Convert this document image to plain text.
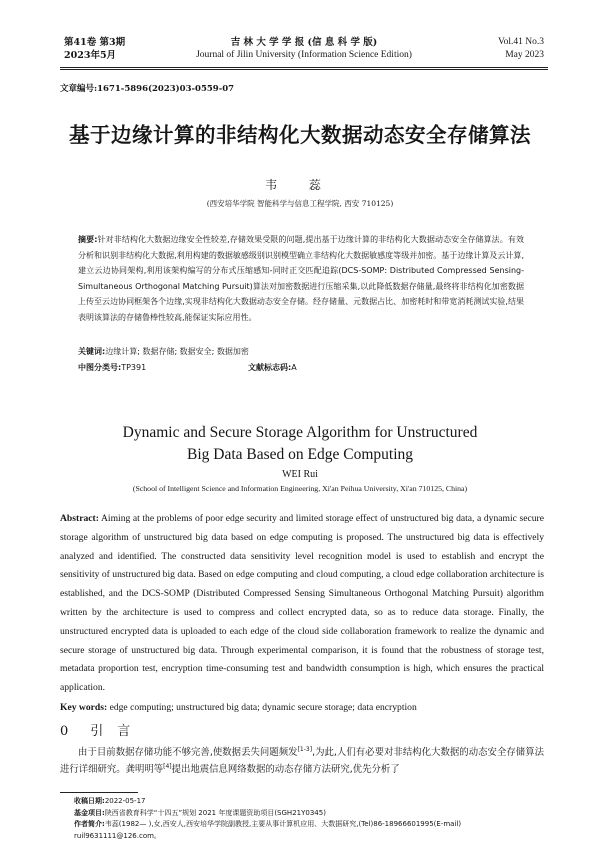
第41卷 第3期
2023年5月
吉 林 大 学 学 报 (信 息 科 学 版)
Journal of Jilin University (Information Science Edition)
Vol.41 No.3
May 2023
文章编号:1671-5896(2023)03-0559-07
基于边缘计算的非结构化大数据动态安全存储算法
韦 蕊
(西安培华学院 智能科学与信息工程学院, 西安 710125)
摘要:针对非结构化大数据边缘安全性较差,存储效果受限的问题,提出基于边缘计算的非结构化大数据动态安全存储算法。有效分析和识别非结构化大数据,利用构建的数据敏感级别识别模型确立非结构化大数据敏感度等级并加密。基于边缘计算及云计算,建立云边协同架构,利用该架构编写的分布式压缩感知-同时正交匹配追踪(DCS-SOMP: Distributed Compressed Sensing-Simultaneous Orthogonal Matching Pursuit)算法对加密数据进行压缩采集,以此降低数据存储量,最终将非结构化加密数据上传至云边协同框架各个边缘,实现非结构化大数据动态安全存储。经存储量、元数据占比、加密耗时和带宽消耗测试实验,结果表明该算法的存储鲁棒性较高,能保证实际应用性。
关键词:边缘计算; 数据存储; 数据安全; 数据加密
中图分类号:TP391	文献标志码:A
Dynamic and Secure Storage Algorithm for Unstructured
Big Data Based on Edge Computing
WEI Rui
(School of Intelligent Science and Information Engineering, Xi'an Peihua University, Xi'an 710125, China)
Abstract: Aiming at the problems of poor edge security and limited storage effect of unstructured big data, a dynamic secure storage algorithm of unstructured big data based on edge computing is proposed. The unstructured big data is effectively analyzed and identified. The constructed data sensitivity level recognition model is used to establish and encrypt the sensitivity of unstructured big data. Based on edge computing and cloud computing, a cloud edge collaboration architecture is established, and the DCS-SOMP (Distributed Compressed Sensing Simultaneous Orthogonal Matching Pursuit) algorithm written by the architecture is used to compress and collect encrypted data, so as to reduce data storage. Finally, the unstructured encrypted data is uploaded to each edge of the cloud side collaboration framework to realize the dynamic and secure storage of unstructured big data. Through experimental comparison, it is found that the robustness of storage test, metadata proportion test, encryption time-consuming test and bandwidth consumption is high, which ensures the practical application.
Key words: edge computing; unstructured big data; dynamic secure storage; data encryption
0 引言
由于目前数据存储功能不够完善,使数据丢失问题频发[1-3],为此,人们有必要对非结构化大数据的动态安全存储算法进行详细研究。龚明明等[4]提出地震信息网络数据的动态存储方法研究,优先分析了
收稿日期:2022-05-17
基金项目:陕西省教育科学“十四五”规划 2021 年度课题资助项目(SGH21Y0345)
作者简介:韦蕊(1982— ),女,西安人,西安培华学院副教授,主要从事计算机应用、大数据研究,(Tel)86-18966601995(E-mail) ruil9631111@126.com。
